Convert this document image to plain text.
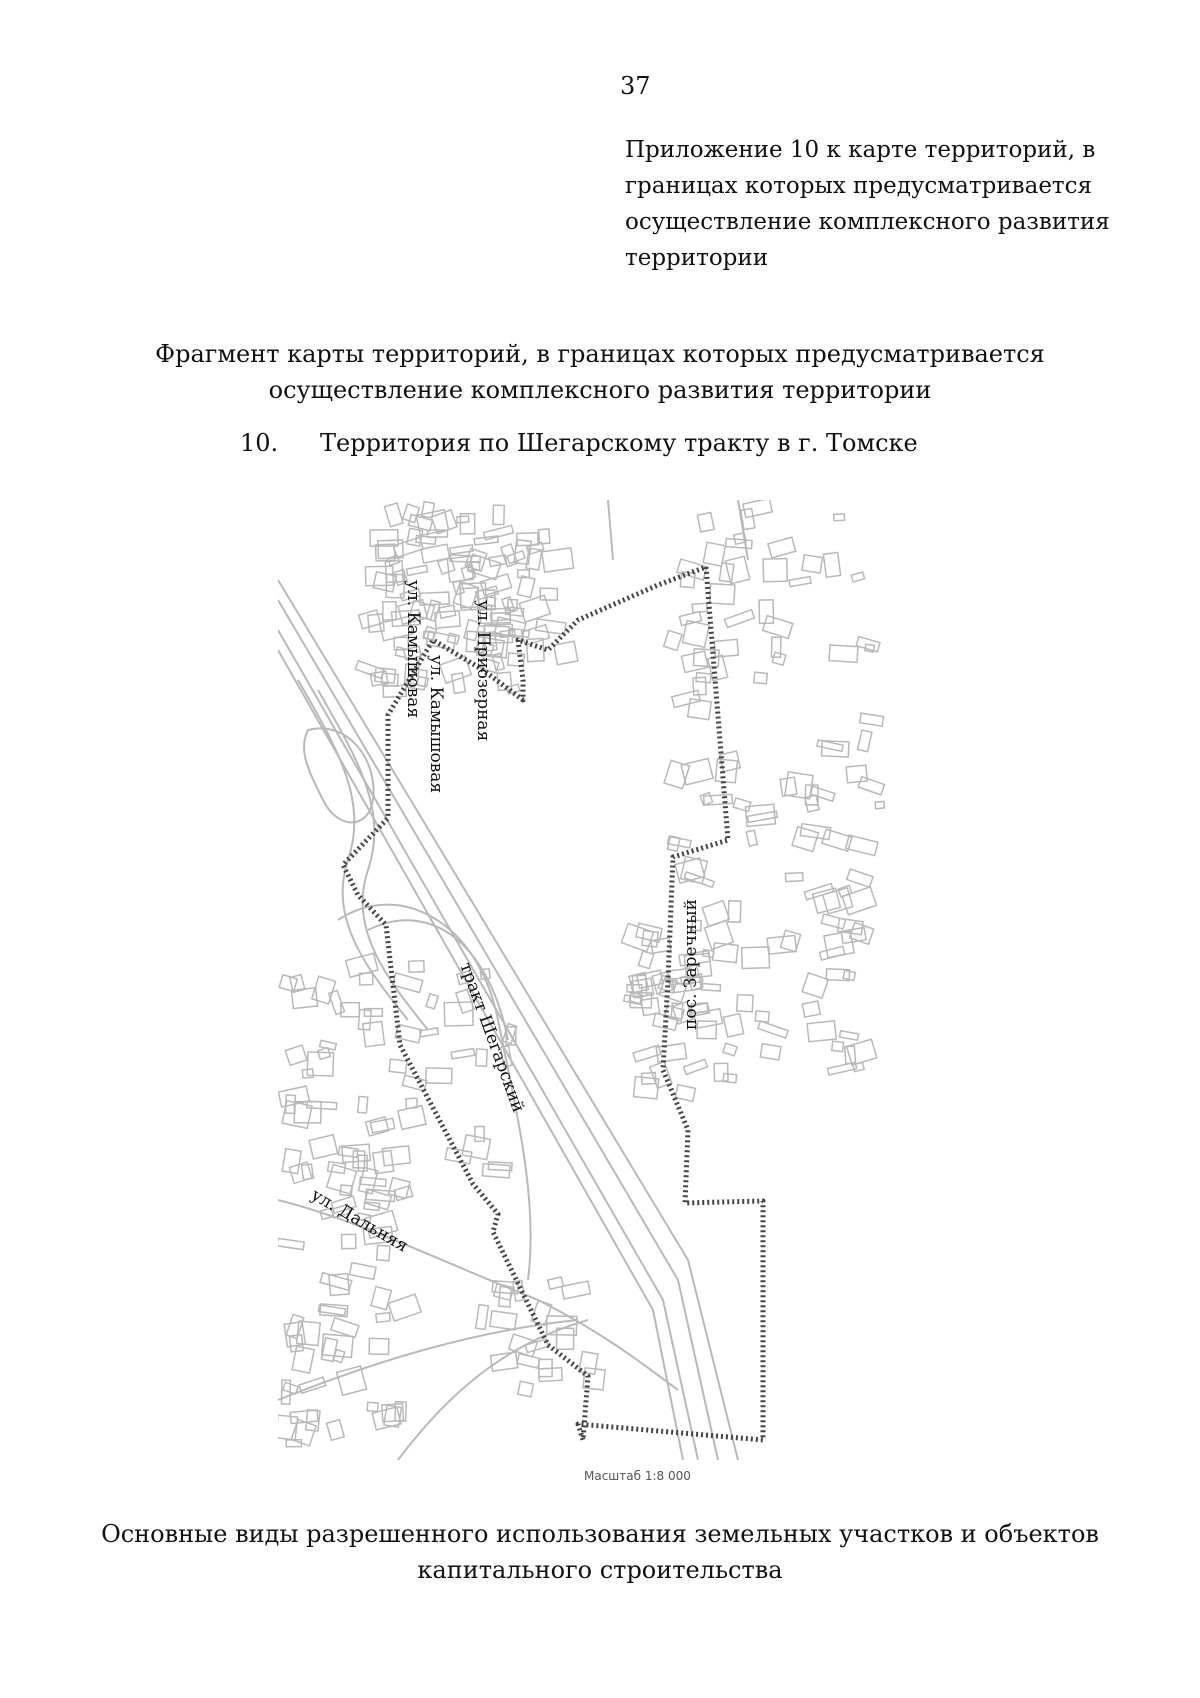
37
Приложение 10 к карте территорий, в
границах которых предусматривается
осуществление комплексного развития
территории
Фрагмент карты территорий, в границах которых предусматривается
осуществление комплексного развития территории
10. Территория по Шегарскому тракту в г. Томске
ул. Камышовая
ул. Камышовая ул. Приозерная
тракт Шегарский	пос. Заречный
ул. Дальняя
Масштаб 1:8 000
Основные виды разрешенного использования земельных участков и объектов
капитального строительства
